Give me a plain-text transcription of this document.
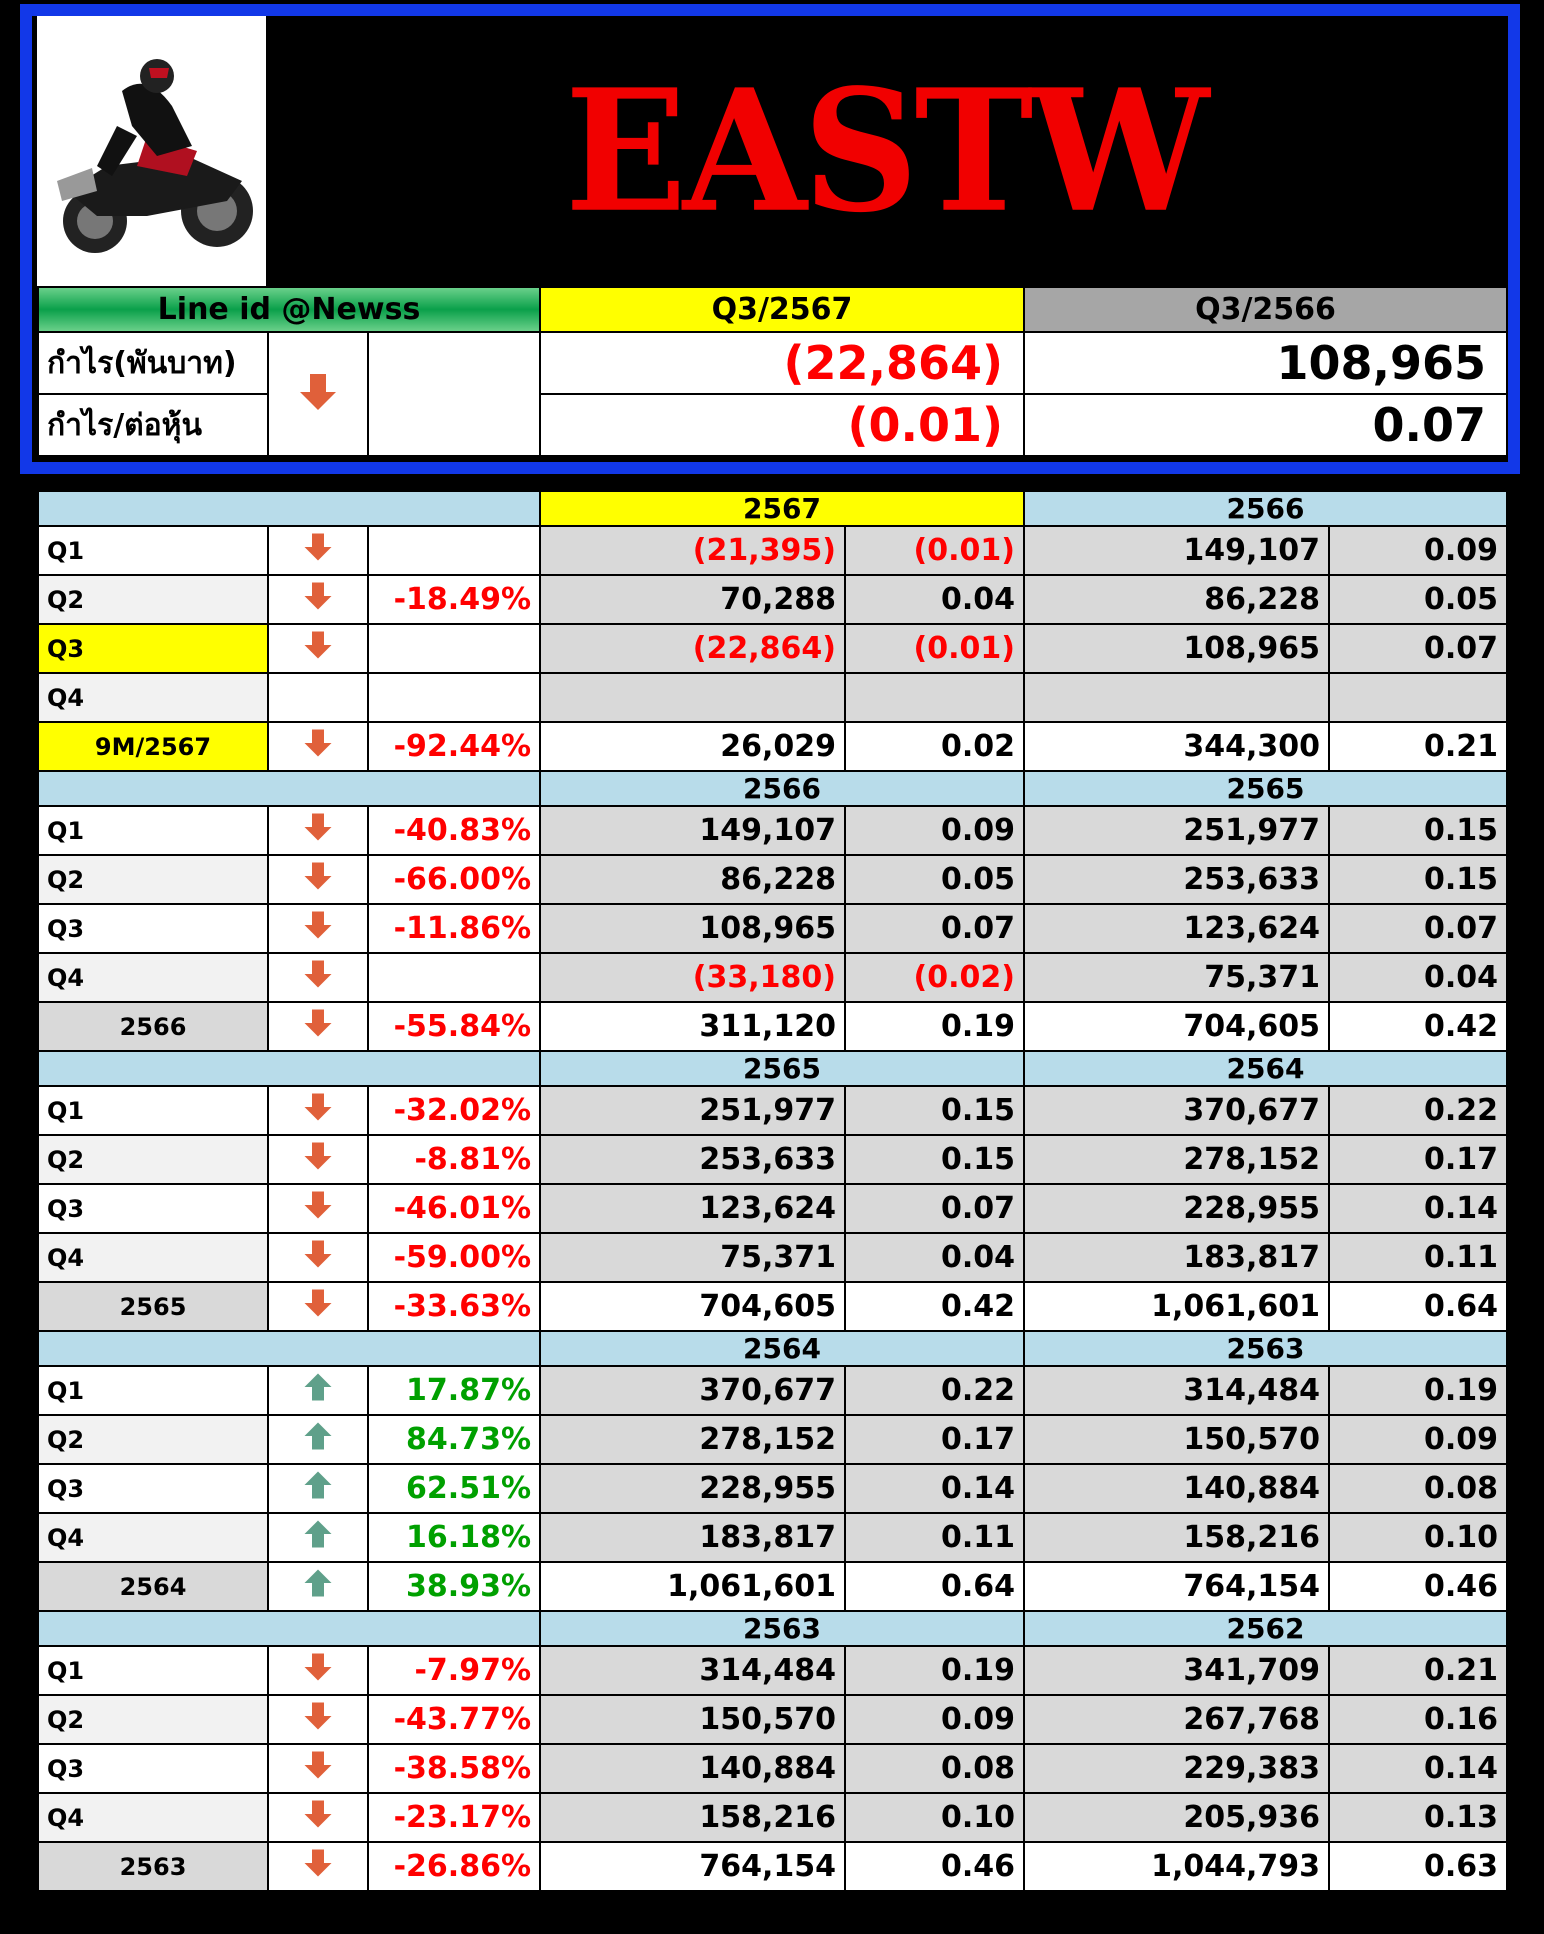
EASTW
Line id @Newss			Q3/2567	Q3/2566
กำไร(พันบาท)			(22,864)	108,965
กำไร/ต่อหุ้น			(0.01)	0.07
			2567		2566	
Q1			(21,395)	(0.01)	149,107	0.09
Q2		-18.49%	70,288	0.04	86,228	0.05
Q3			(22,864)	(0.01)	108,965	0.07
Q4						
9M/2567		-92.44%	26,029	0.02	344,300	0.21
			2566		2565	
Q1		-40.83%	149,107	0.09	251,977	0.15
Q2		-66.00%	86,228	0.05	253,633	0.15
Q3		-11.86%	108,965	0.07	123,624	0.07
Q4			(33,180)	(0.02)	75,371	0.04
2566		-55.84%	311,120	0.19	704,605	0.42
			2565		2564	
Q1		-32.02%	251,977	0.15	370,677	0.22
Q2		-8.81%	253,633	0.15	278,152	0.17
Q3		-46.01%	123,624	0.07	228,955	0.14
Q4		-59.00%	75,371	0.04	183,817	0.11
2565		-33.63%	704,605	0.42	1,061,601	0.64
			2564		2563	
Q1		17.87%	370,677	0.22	314,484	0.19
Q2		84.73%	278,152	0.17	150,570	0.09
Q3		62.51%	228,955	0.14	140,884	0.08
Q4		16.18%	183,817	0.11	158,216	0.10
2564		38.93%	1,061,601	0.64	764,154	0.46
			2563		2562	
Q1		-7.97%	314,484	0.19	341,709	0.21
Q2		-43.77%	150,570	0.09	267,768	0.16
Q3		-38.58%	140,884	0.08	229,383	0.14
Q4		-23.17%	158,216	0.10	205,936	0.13
2563		-26.86%	764,154	0.46	1,044,793	0.63
